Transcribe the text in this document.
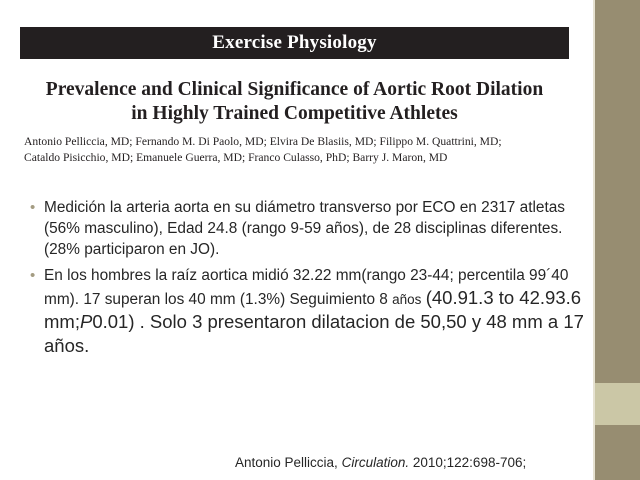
Exercise Physiology
Prevalence and Clinical Significance of Aortic Root Dilation
in Highly Trained Competitive Athletes
Antonio Pelliccia, MD; Fernando M. Di Paolo, MD; Elvira De Blasiis, MD; Filippo M. Quattrini, MD;
Cataldo Pisicchio, MD; Emanuele Guerra, MD; Franco Culasso, PhD; Barry J. Maron, MD
• Medición la arteria aorta en su diámetro transverso por ECO en 2317 atletas (56% masculino), Edad 24.8 (rango 9-59 años), de 28 disciplinas diferentes. (28% participaron en JO).
• En los hombres la raíz aortica midió 32.22 mm(rango 23-44; percentila 99´40 mm). 17 superan los 40 mm (1.3%) Seguimiento 8 años (40.91.3 to 42.93.6 mm;P0.01) . Solo 3 presentaron dilatacion de 50,50 y 48 mm a 17 años.
Antonio Pelliccia, Circulation. 2010;122:698-706;
